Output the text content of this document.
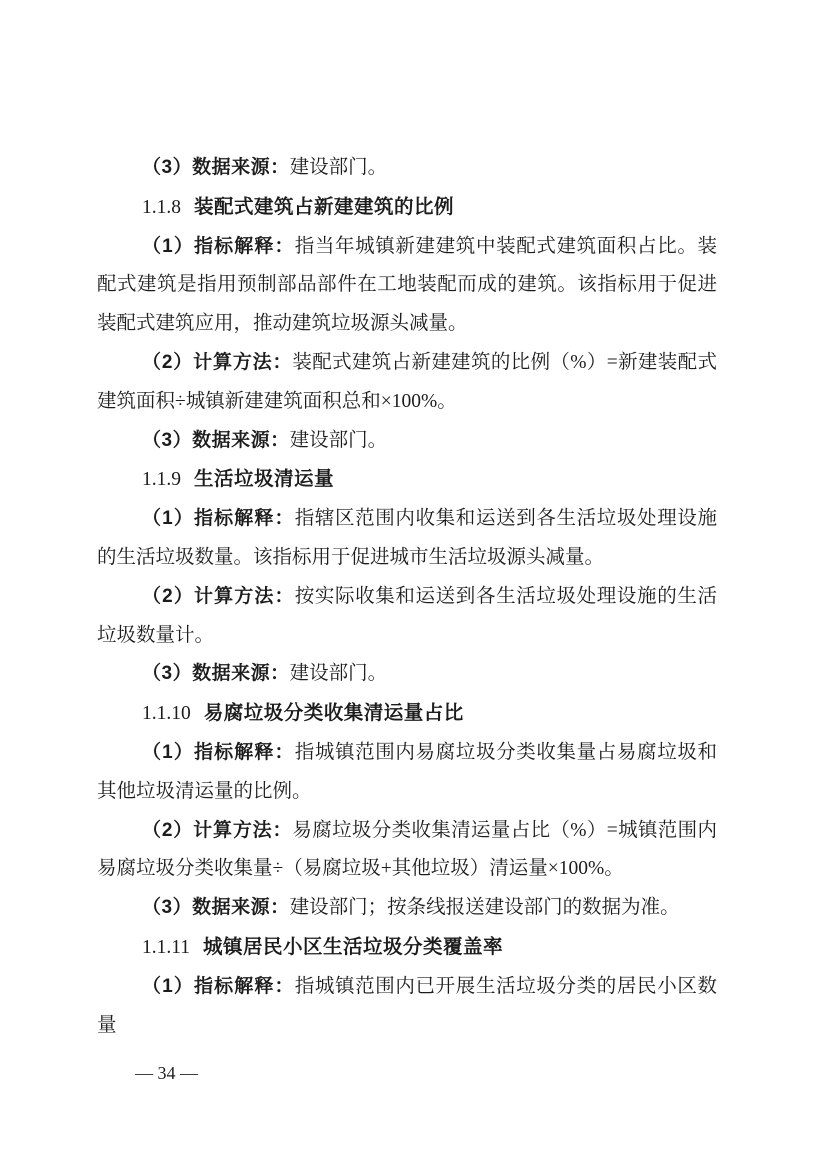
（3）数据来源：建设部门。

1.1.8 装配式建筑占新建建筑的比例

（1）指标解释：指当年城镇新建建筑中装配式建筑面积占比。装配式建筑是指用预制部品部件在工地装配而成的建筑。该指标用于促进装配式建筑应用，推动建筑垃圾源头减量。

（2）计算方法：装配式建筑占新建建筑的比例（%）=新建装配式建筑面积÷城镇新建建筑面积总和×100%。

（3）数据来源：建设部门。

1.1.9 生活垃圾清运量

（1）指标解释：指辖区范围内收集和运送到各生活垃圾处理设施的生活垃圾数量。该指标用于促进城市生活垃圾源头减量。

（2）计算方法：按实际收集和运送到各生活垃圾处理设施的生活垃圾数量计。

（3）数据来源：建设部门。

1.1.10 易腐垃圾分类收集清运量占比

（1）指标解释：指城镇范围内易腐垃圾分类收集量占易腐垃圾和其他垃圾清运量的比例。

（2）计算方法：易腐垃圾分类收集清运量占比（%）=城镇范围内易腐垃圾分类收集量÷（易腐垃圾+其他垃圾）清运量×100%。

（3）数据来源：建设部门；按条线报送建设部门的数据为准。

1.1.11 城镇居民小区生活垃圾分类覆盖率

（1）指标解释：指城镇范围内已开展生活垃圾分类的居民小区数量

— 34 —
